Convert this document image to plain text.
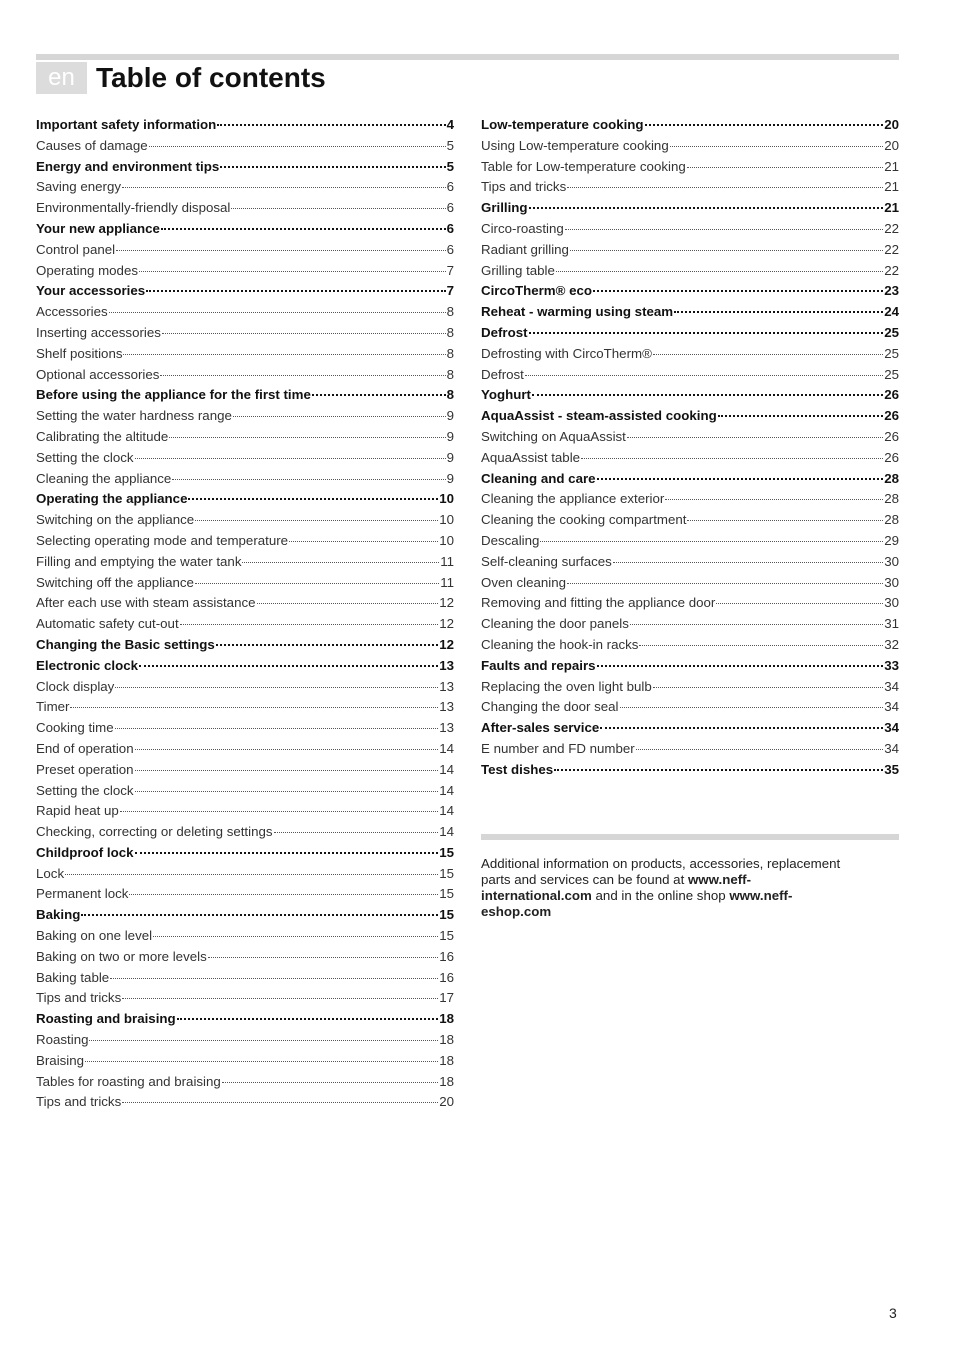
en Table of contents
Important safety information	4
Causes of damage	5
Energy and environment tips	5
Saving energy	6
Environmentally-friendly disposal	6
Your new appliance	6
Control panel	6
Operating modes	7
Your accessories	7
Accessories	8
Inserting accessories	8
Shelf positions	8
Optional accessories	8
Before using the appliance for the first time	8
Setting the water hardness range	9
Calibrating the altitude	9
Setting the clock	9
Cleaning the appliance	9
Operating the appliance	10
Switching on the appliance	10
Selecting operating mode and temperature	10
Filling and emptying the water tank	11
Switching off the appliance	11
After each use with steam assistance	12
Automatic safety cut-out	12
Changing the Basic settings	12
Electronic clock	13
Clock display	13
Timer	13
Cooking time	13
End of operation	14
Preset operation	14
Setting the clock	14
Rapid heat up	14
Checking, correcting or deleting settings	14
Childproof lock	15
Lock	15
Permanent lock	15
Baking	15
Baking on one level	15
Baking on two or more levels	16
Baking table	16
Tips and tricks	17
Roasting and braising	18
Roasting	18
Braising	18
Tables for roasting and braising	18
Tips and tricks	20
Low-temperature cooking	20
Using Low-temperature cooking	20
Table for Low-temperature cooking	21
Tips and tricks	21
Grilling	21
Circo-roasting	22
Radiant grilling	22
Grilling table	22
CircoTherm® eco	23
Reheat - warming using steam	24
Defrost	25
Defrosting with CircoTherm®	25
Defrost	25
Yoghurt	26
AquaAssist - steam-assisted cooking	26
Switching on AquaAssist	26
AquaAssist table	26
Cleaning and care	28
Cleaning the appliance exterior	28
Cleaning the cooking compartment	28
Descaling	29
Self-cleaning surfaces	30
Oven cleaning	30
Removing and fitting the appliance door	30
Cleaning the door panels	31
Cleaning the hook-in racks	32
Faults and repairs	33
Replacing the oven light bulb	34
Changing the door seal	34
After-sales service	34
E number and FD number	34
Test dishes	35
Additional information on products, accessories, replacement
parts and services can be found at www.neff-
international.com and in the online shop www.neff-
eshop.com
3
